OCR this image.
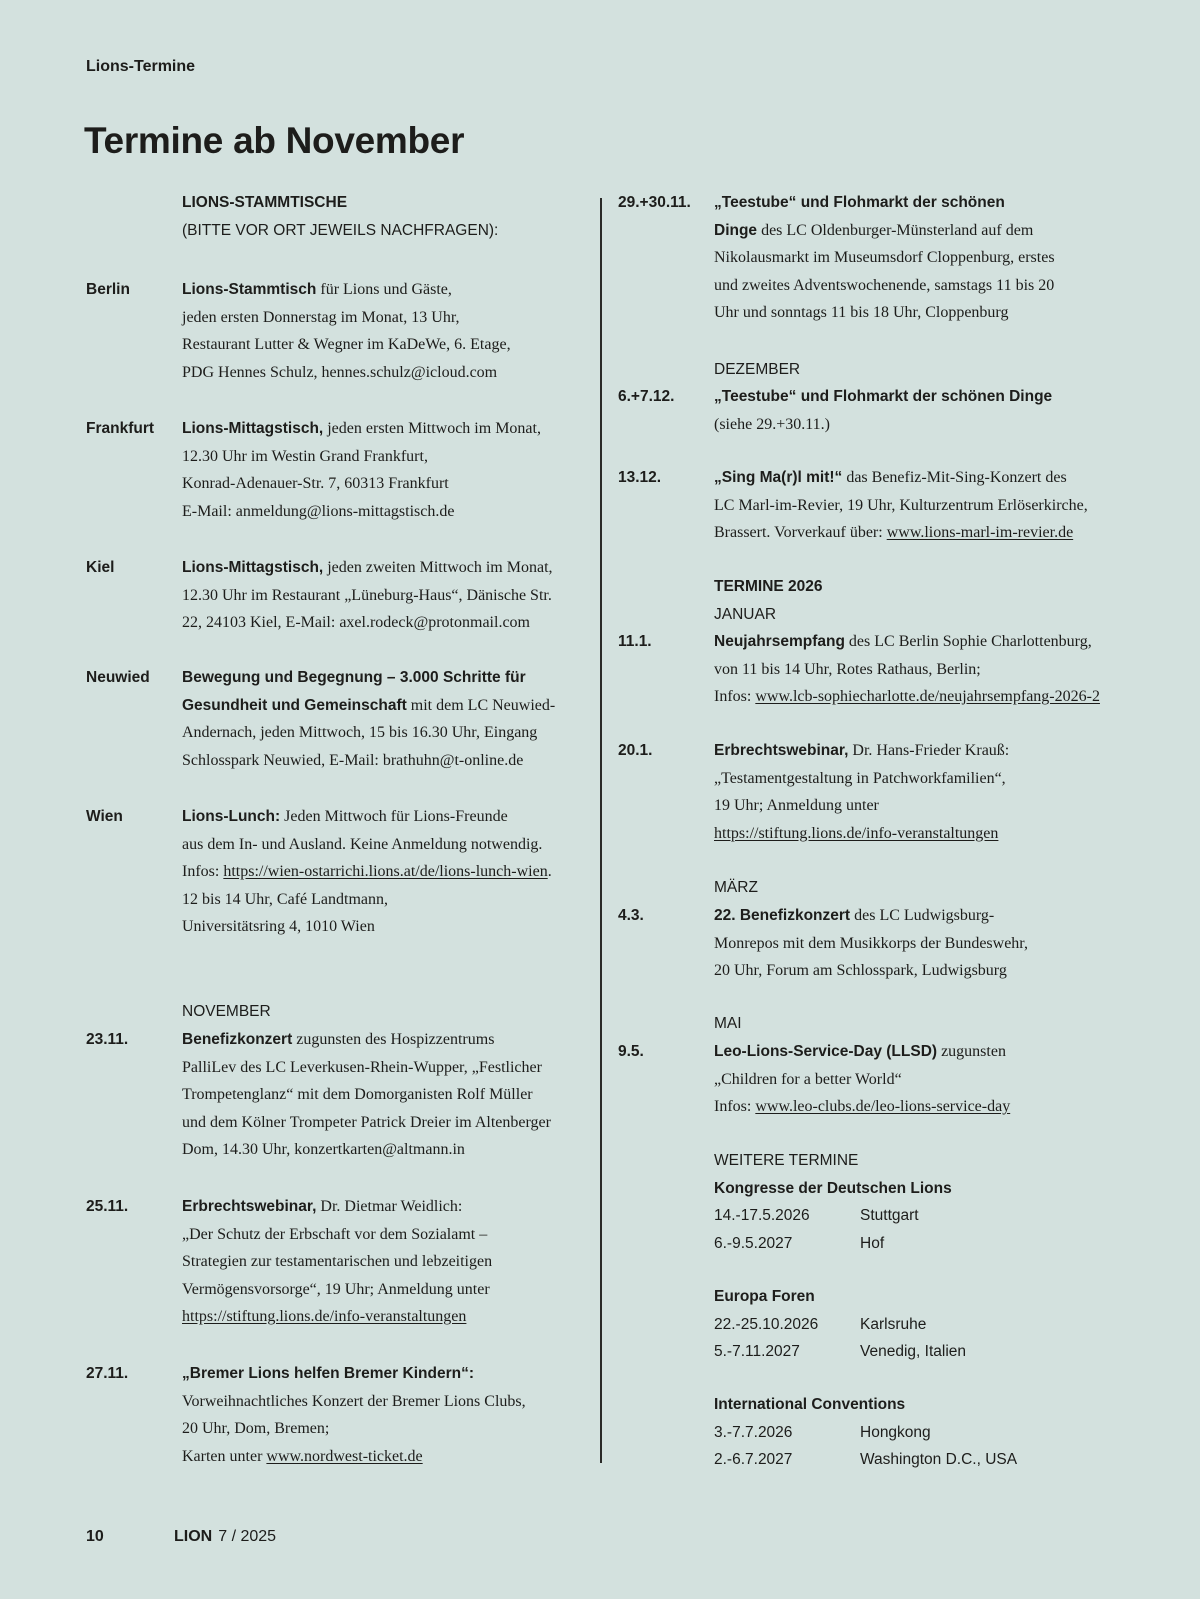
Lions-Termine
Termine ab November
LIONS-STAMMTISCHE
(BITTE VOR ORT JEWEILS NACHFRAGEN):
Berlin	Lions-Stammtisch für Lions und Gäste,
jeden ersten Donnerstag im Monat, 13 Uhr,
Restaurant Lutter & Wegner im KaDeWe, 6. Etage,
PDG Hennes Schulz, hennes.schulz@icloud.com
Frankfurt	Lions-Mittagstisch, jeden ersten Mittwoch im Monat,
12.30 Uhr im Westin Grand Frankfurt,
Konrad-Adenauer-Str. 7, 60313 Frankfurt
E-Mail: anmeldung@lions-mittagstisch.de
Kiel	Lions-Mittagstisch, jeden zweiten Mittwoch im Monat,
12.30 Uhr im Restaurant „Lüneburg-Haus“, Dänische Str.
22, 24103 Kiel, E-Mail: axel.rodeck@protonmail.com
Neuwied	Bewegung und Begegnung – 3.000 Schritte für
Gesundheit und Gemeinschaft mit dem LC Neuwied-
Andernach, jeden Mittwoch, 15 bis 16.30 Uhr, Eingang
Schlosspark Neuwied, E-Mail: brathuhn@t-online.de
Wien	Lions-Lunch: Jeden Mittwoch für Lions-Freunde
aus dem In- und Ausland. Keine Anmeldung notwendig.
Infos: https://wien-ostarrichi.lions.at/de/lions-lunch-wien.
12 bis 14 Uhr, Café Landtmann,
Universitätsring 4, 1010 Wien
NOVEMBER
23.11.	Benefizkonzert zugunsten des Hospizzentrums
PalliLev des LC Leverkusen-Rhein-Wupper, „Festlicher
Trompetenglanz“ mit dem Domorganisten Rolf Müller
und dem Kölner Trompeter Patrick Dreier im Altenberger
Dom, 14.30 Uhr, konzertkarten@altmann.in
25.11.	Erbrechtswebinar, Dr. Dietmar Weidlich:
„Der Schutz der Erbschaft vor dem Sozialamt –
Strategien zur testamentarischen und lebzeitigen
Vermögensvorsorge“, 19 Uhr; Anmeldung unter
https://stiftung.lions.de/info-veranstaltungen
27.11.	„Bremer Lions helfen Bremer Kindern“:
Vorweihnachtliches Konzert der Bremer Lions Clubs,
20 Uhr, Dom, Bremen;
Karten unter www.nordwest-ticket.de
29.+30.11.	„Teestube“ und Flohmarkt der schönen
Dinge des LC Oldenburger-Münsterland auf dem
Nikolausmarkt im Museumsdorf Cloppenburg, erstes
und zweites Adventswochenende, samstags 11 bis 20
Uhr und sonntags 11 bis 18 Uhr, Cloppenburg
DEZEMBER
6.+7.12.	„Teestube“ und Flohmarkt der schönen Dinge
(siehe 29.+30.11.)
13.12.	„Sing Ma(r)l mit!“ das Benefiz-Mit-Sing-Konzert des
LC Marl-im-Revier, 19 Uhr, Kulturzentrum Erlöserkirche,
Brassert. Vorverkauf über: www.lions-marl-im-revier.de
TERMINE 2026
JANUAR
11.1.	Neujahrsempfang des LC Berlin Sophie Charlottenburg,
von 11 bis 14 Uhr, Rotes Rathaus, Berlin;
Infos: www.lcb-sophiecharlotte.de/neujahrsempfang-2026-2
20.1.	Erbrechtswebinar, Dr. Hans-Frieder Krauß:
„Testamentgestaltung in Patchworkfamilien“,
19 Uhr; Anmeldung unter
https://stiftung.lions.de/info-veranstaltungen
MÄRZ
4.3.	22. Benefizkonzert des LC Ludwigsburg-
Monrepos mit dem Musikkorps der Bundeswehr,
20 Uhr, Forum am Schlosspark, Ludwigsburg
MAI
9.5.	Leo-Lions-Service-Day (LLSD) zugunsten
„Children for a better World“
Infos: www.leo-clubs.de/leo-lions-service-day
WEITERE TERMINE
Kongresse der Deutschen Lions
14.-17.5.2026	Stuttgart
6.-9.5.2027	Hof
Europa Foren
22.-25.10.2026	Karlsruhe
5.-7.11.2027	Venedig, Italien
International Conventions
3.-7.7.2026	Hongkong
2.-6.7.2027	Washington D.C., USA
10	LION 7 / 2025
